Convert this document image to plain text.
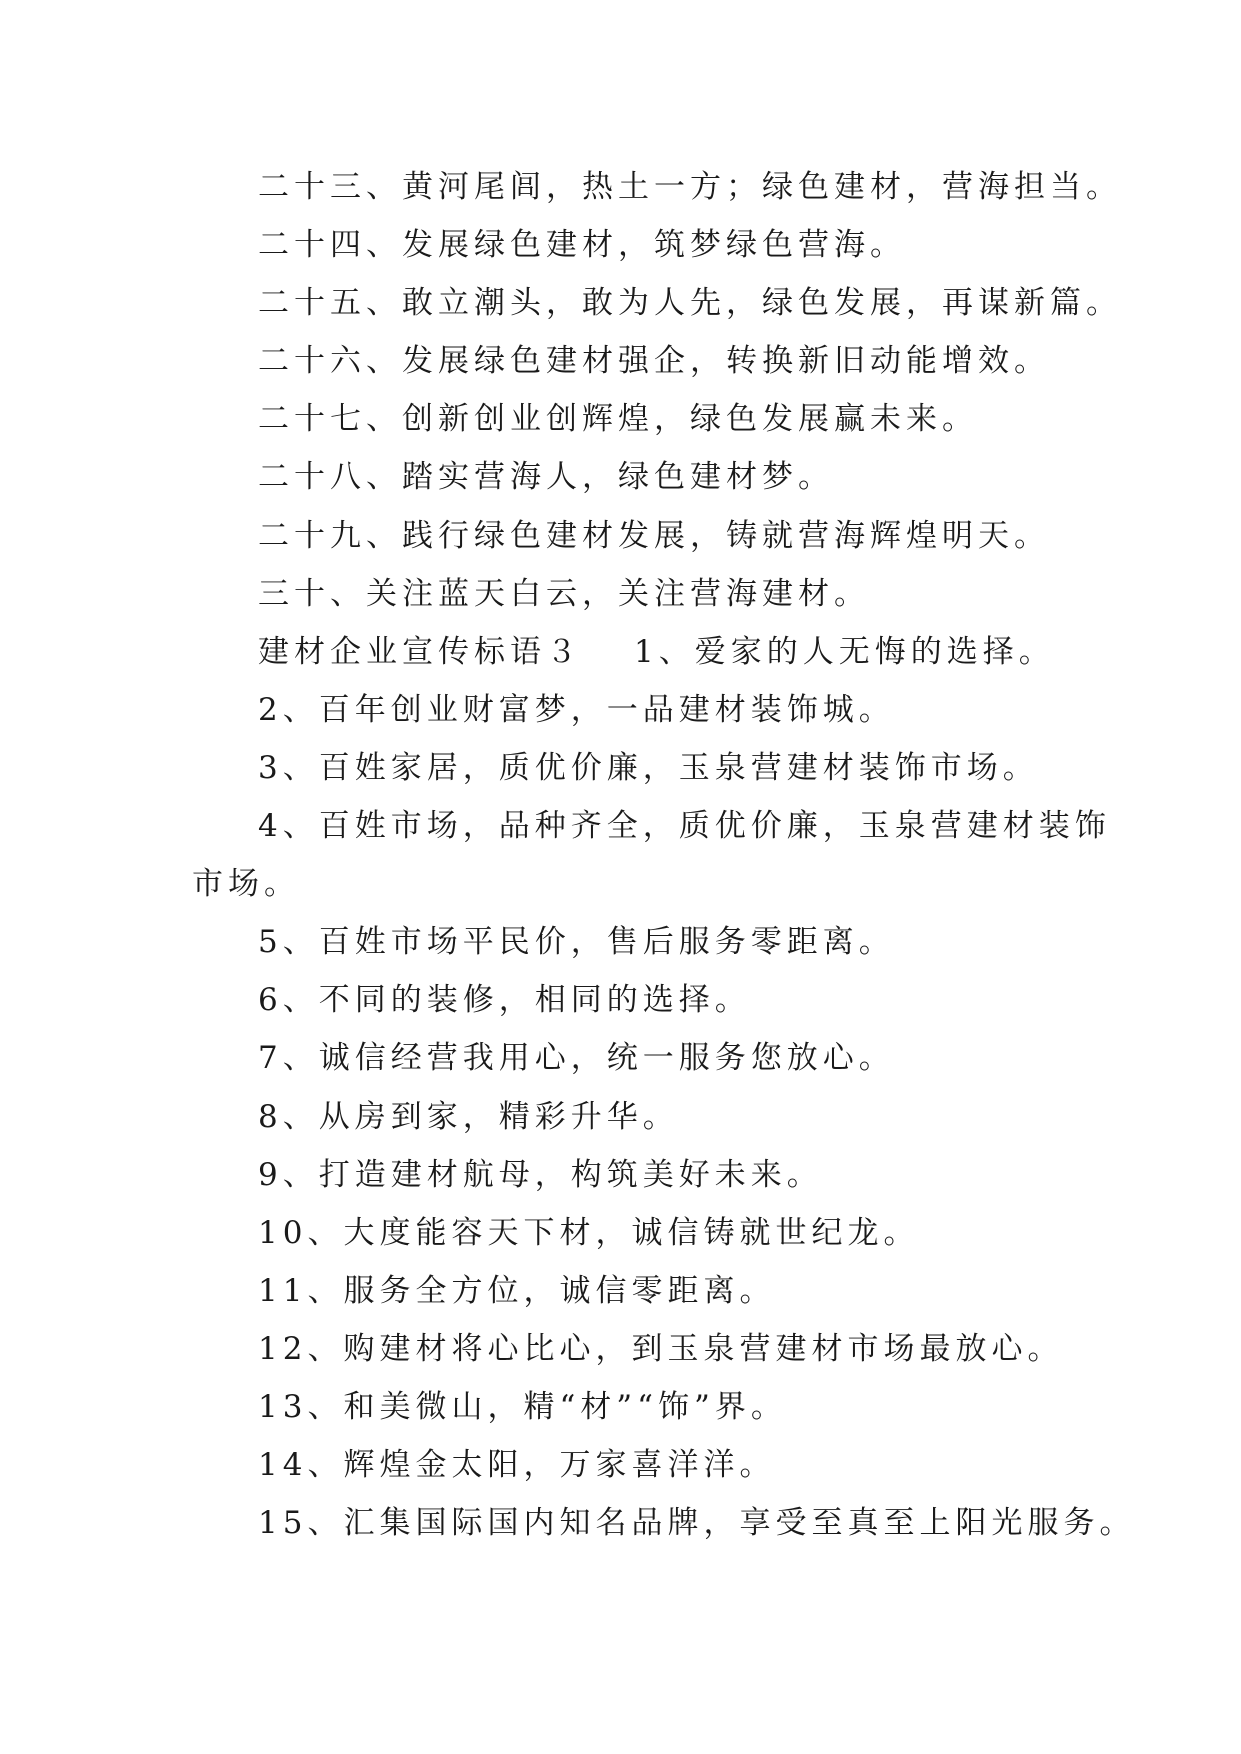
二十三、黄河尾闾，热土一方；绿色建材，营海担当。
二十四、发展绿色建材，筑梦绿色营海。
二十五、敢立潮头，敢为人先，绿色发展，再谋新篇。
二十六、发展绿色建材强企，转换新旧动能增效。
二十七、创新创业创辉煌，绿色发展赢未来。
二十八、踏实营海人，绿色建材梦。
二十九、践行绿色建材发展，铸就营海辉煌明天。
三十、关注蓝天白云，关注营海建材。
建材企业宣传标语３ 1、爱家的人无悔的选择。
2、百年创业财富梦，一品建材装饰城。
3、百姓家居，质优价廉，玉泉营建材装饰市场。
4、百姓市场，品种齐全，质优价廉，玉泉营建材装饰
市场。
5、百姓市场平民价，售后服务零距离。
6、不同的装修，相同的选择。
7、诚信经营我用心，统一服务您放心。
8、从房到家，精彩升华。
9、打造建材航母，构筑美好未来。
10、大度能容天下材，诚信铸就世纪龙。
11、服务全方位，诚信零距离。
12、购建材将心比心，到玉泉营建材市场最放心。
13、和美微山，精“材”“饰”界。
14、辉煌金太阳，万家喜洋洋。
15、汇集国际国内知名品牌，享受至真至上阳光服务。
